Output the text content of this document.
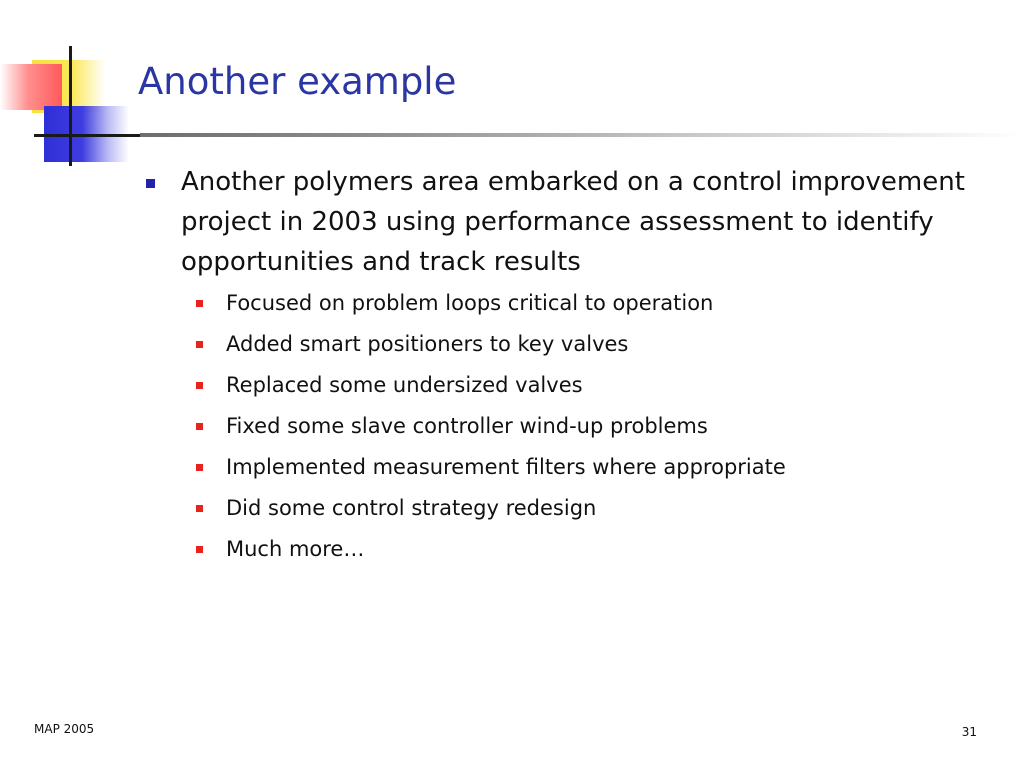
Another example
Another polymers area embarked on a control improvement project in 2003 using performance assessment to identify opportunities and track results
Focused on problem loops critical to operation
Added smart positioners to key valves
Replaced some undersized valves
Fixed some slave controller wind-up problems
Implemented measurement filters where appropriate
Did some control strategy redesign
Much more…
MAP 2005	31
